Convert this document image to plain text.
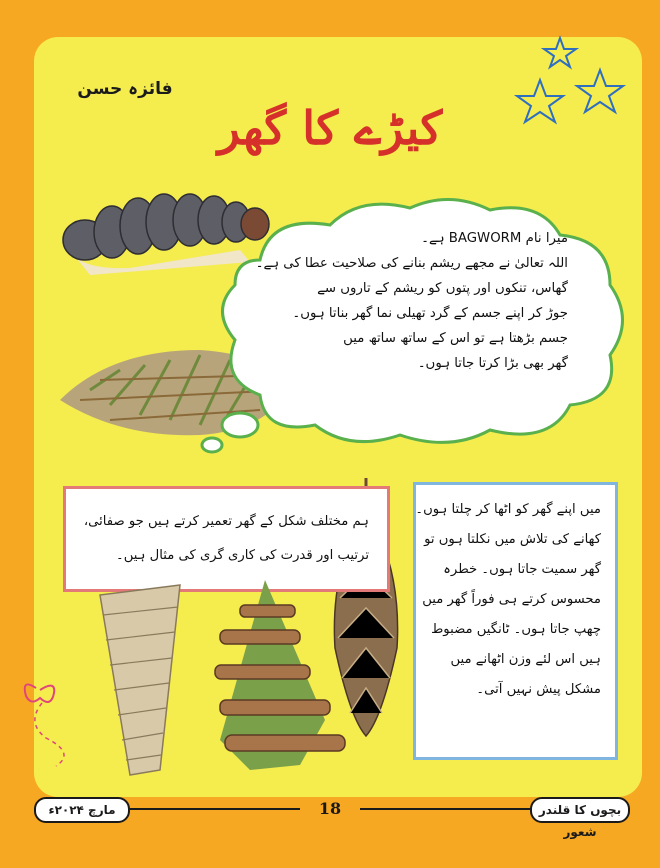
فائزہ حسن
کیڑے کا گھر

میرا نام BAGWORM ہے۔

اللہ تعالیٰ نے مجھے ریشم بنانے کی صلاحیت عطا کی ہے۔

گھاس، تنکوں اور پتوں کو ریشم کے تاروں سے

جوڑ کر اپنے جسم کے گرد تھیلی نما گھر بناتا ہوں۔

جسم بڑھتا ہے تو اس کے ساتھ ساتھ میں

گھر بھی بڑا کرتا جاتا ہوں۔

ہم مختلف شکل کے گھر تعمیر کرتے ہیں جو صفائی،

ترتیب اور قدرت کی کاری گری کی مثال ہیں۔

میں اپنے گھر کو اٹھا کر چلتا ہوں۔

کھانے کی تلاش میں نکلتا ہوں تو

گھر سمیت جاتا ہوں۔ خطرہ

محسوس کرتے ہی فوراً گھر میں

چھپ جاتا ہوں۔ ٹانگیں مضبوط

ہیں اس لئے وزن اٹھانے میں

مشکل پیش نہیں آتی۔

مارچ ۲۰۲۴ء	18	بچوں کا قلندر شعور
